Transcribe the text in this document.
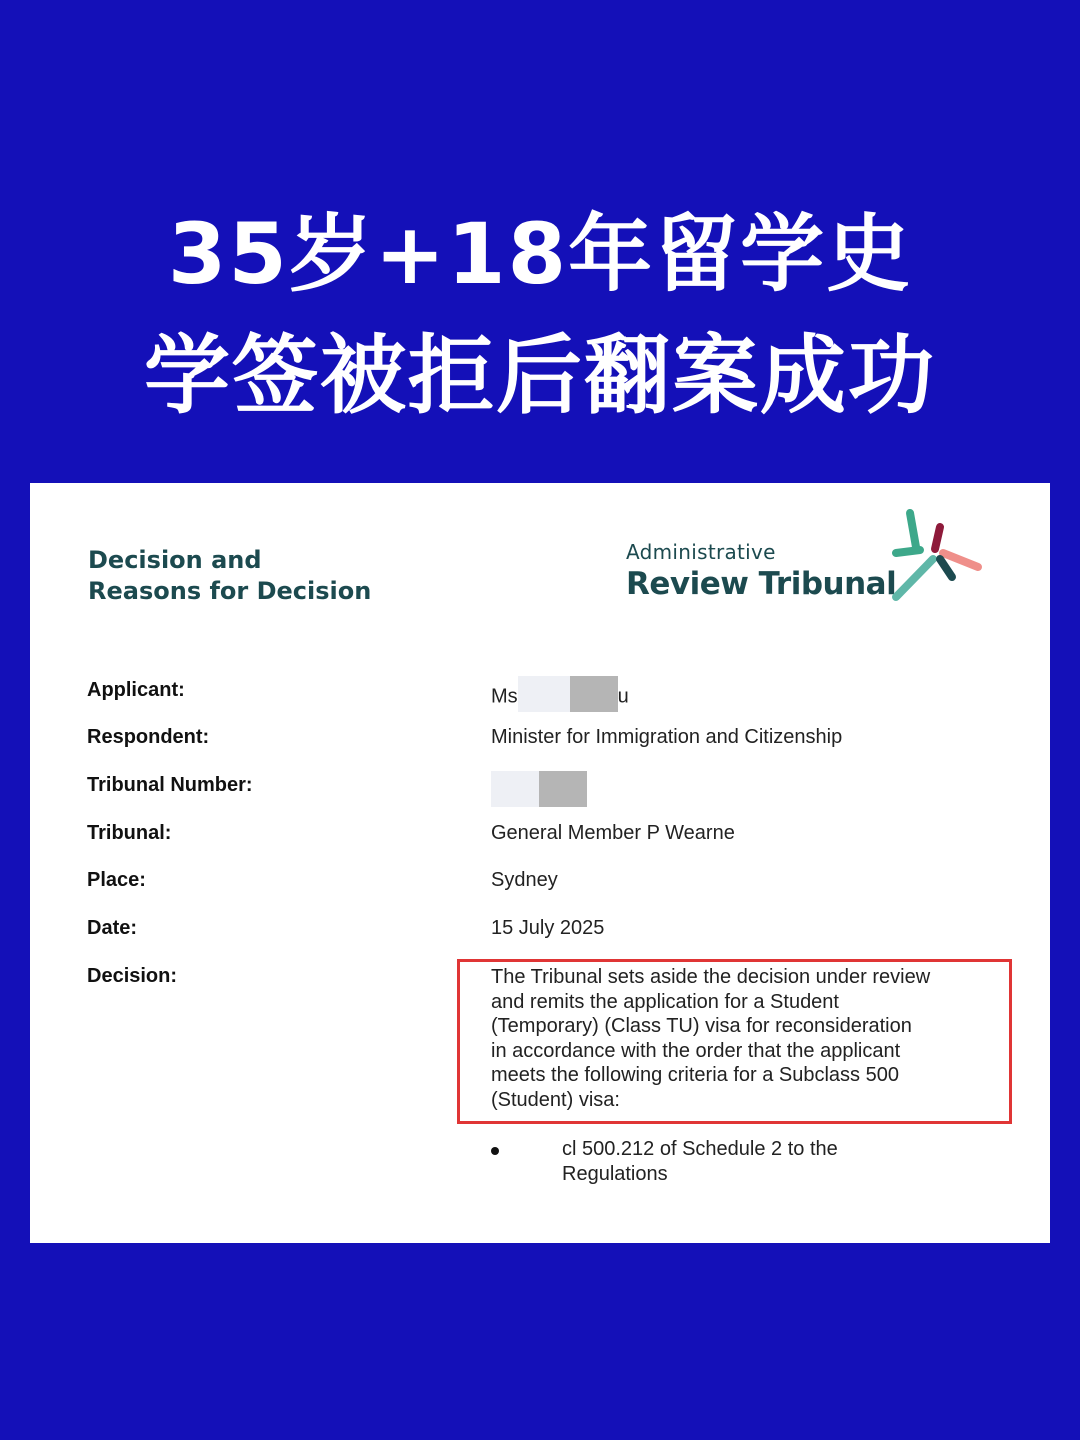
35岁+18年留学史
学签被拒后翻案成功
Decision and
Reasons for Decision
Administrative
Review Tribunal
Applicant:	Ms	u
Respondent:	Minister for Immigration and Citizenship
Tribunal Number:
Tribunal:	General Member P Wearne
Place:	Sydney
Date:	15 July 2025
Decision:	The Tribunal sets aside the decision under review
and remits the application for a Student
(Temporary) (Class TU) visa for reconsideration
in accordance with the order that the applicant
meets the following criteria for a Subclass 500
(Student) visa:
cl 500.212 of Schedule 2 to the
Regulations
